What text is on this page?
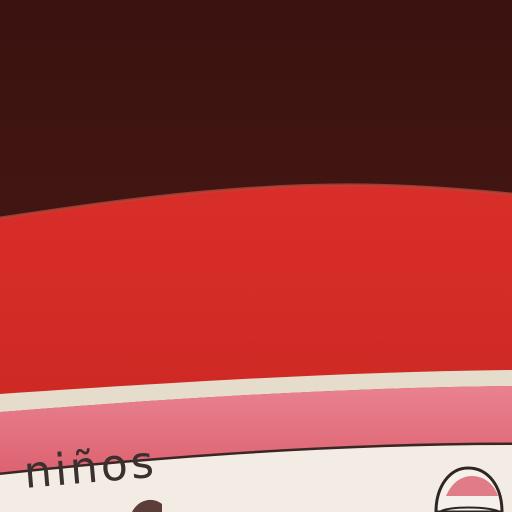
niños
